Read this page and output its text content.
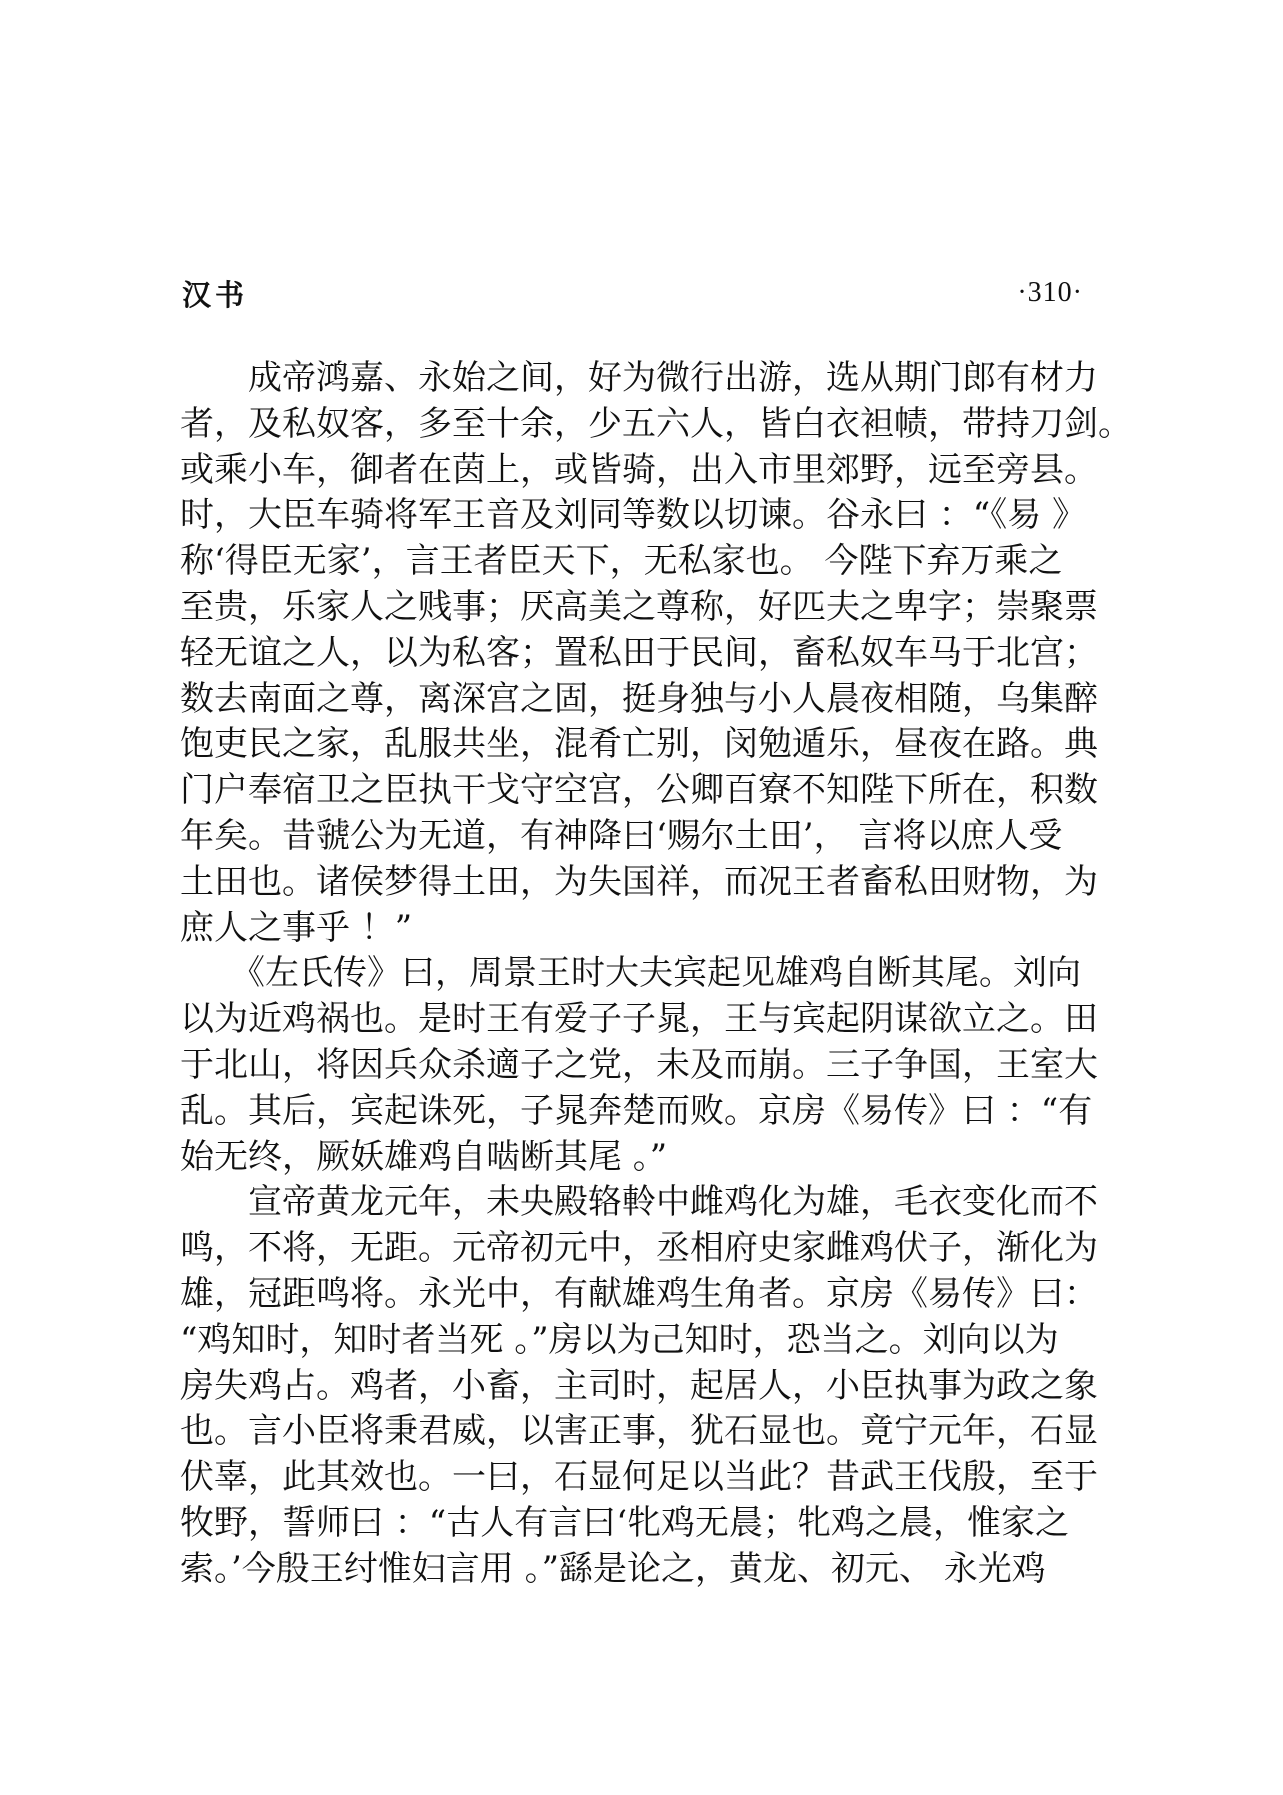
汉书	·310·
　　成帝鸿嘉、永始之间，好为微行出游，选从期门郎有材力
者，及私奴客，多至十余，少五六人，皆白衣袒帻，带持刀剑。
或乘小车，御者在茵上，或皆骑，出入市里郊野，远至旁县。
时，大臣车骑将军王音及刘同等数以切谏。谷永曰 ：“《易 》
称‘得臣无家’，言王者臣天下，无私家也。 今陛下弃万乘之
至贵，乐家人之贱事；厌高美之尊称，好匹夫之卑字；崇聚票
轻无谊之人，以为私客；置私田于民间，畜私奴车马于北宫；
数去南面之尊，离深宫之固，挺身独与小人晨夜相随，乌集醉
饱吏民之家，乱服共坐，混肴亡别，闵勉遁乐，昼夜在路。典
门户奉宿卫之臣执干戈守空宫，公卿百寮不知陛下所在，积数
年矣。昔虢公为无道，有神降曰‘赐尔土田’， 言将以庶人受
土田也。诸侯梦得土田，为失国祥，而况王者畜私田财物，为
庶人之事乎 ！”
　　《左氏传》曰，周景王时大夫宾起见雄鸡自断其尾。刘向
以为近鸡祸也。是时王有爱子子晁，王与宾起阴谋欲立之。田
于北山，将因兵众杀適子之党，未及而崩。三子争国，王室大
乱。其后，宾起诛死，子晁奔楚而败。京房《易传》曰 ：“有
始无终，厥妖雄鸡自啮断其尾 。”
　　宣帝黄龙元年，未央殿辂軨中雌鸡化为雄，毛衣变化而不
鸣，不将，无距。元帝初元中，丞相府史家雌鸡伏子，渐化为
雄，冠距鸣将。永光中，有献雄鸡生角者。京房《易传》曰：
“鸡知时，知时者当死 。”房以为己知时，恐当之。刘向以为
房失鸡占。鸡者，小畜，主司时，起居人，小臣执事为政之象
也。言小臣将秉君威，以害正事，犹石显也。竟宁元年，石显
伏辜，此其效也。一曰，石显何足以当此？昔武王伐殷，至于
牧野，誓师曰 ：“古人有言曰‘牝鸡无晨；牝鸡之晨，惟家之
索。’今殷王纣惟妇言用 。”繇是论之，黄龙、初元、 永光鸡
